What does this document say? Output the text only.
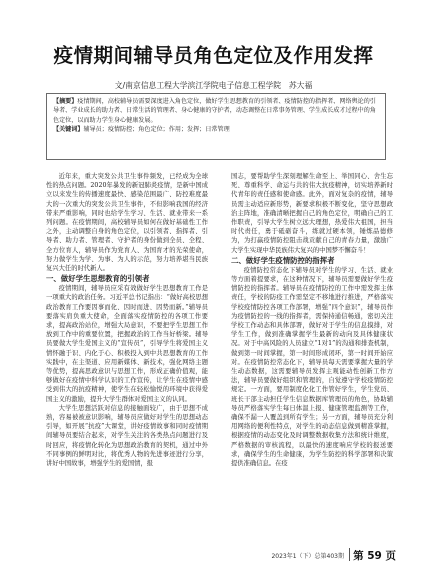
疫情期间辅导员角色定位及作用发挥
文/南京信息工程大学滨江学院电子信息工程学院　苏大福

【摘要】疫情期间，高校辅导员需要深度进入角色定位，做好学生思想教育的引领者、疫情防控的指挥者、网络舆论的引导者、学业成长的助力者、日常生活的管理者、身心健康的守护者，动态调整在日常事务管理、学生成长成才过程中的角色定位，以而助力学生身心健康发展。

【关键词】辅导员；疫情防控；角色定位；作用；发挥；日常管理

近年来，重大突发公共卫生事件频发，已经成为全球性的热点问题。2020年暴发的新冠肺炎疫情，是新中国成立以来发生的传播速度最快、感染范围最广、防控难度最大的一次重大的突发公共卫生事件，不但影响我国的经济带来严重影响，同时也给学生学习、生活、就业带来一系列问题。在疫情期间，高校辅导员如何在做好基础性工作之外，主动调整自身的角色定位，以引领者、指挥者、引导者、助力者、管理者、守护者的身份做到全员、全程、全方位育人，辅导员作为党育人、为国育才的光荣使命，努力做学生为学、为事、为人的示范，努力培养堪当民族复兴大任的时代新人。

一、做好学生思想教育的引领者

疫情期间，辅导员应采有效做好学生思想教育工作是一项重大的政治任务。习近平总书记指出：“做好高校思想政治教育工作要因事而化、因时而进、因势而新。”辅导员要落实肩负重大使命，全面落实疫情防控的各项工作要求，提高政治站位，增强大局意识，不要把学生思想工作放到工作中的重要位置，把握政治的工作当好桥梁。辅导员要做大学生爱国主义的“宣传员”，引导学生将爱国主义情怀融于识、内化于心、积极投入到中共思想教育的工作实践中，在主渠道、应用新媒体、新技术，强化网络主题等优势，提高思政意识与思想工作，形成正确价值观，能够做好在疫情中科学认识的工作宣传，让学生在疫情中感受到伟大的抗疫精神，使学生在轻松愉悦的环境中获得爱国主义的激励，提升大学生群体对爱国主义的认同。

大学生思想活跃对信息的接触面较广，由于思想不成熟，容易被被意识影响，辅导员应做好对学生的思想动态引导，如开展“抗疫”大课堂，讲好疫情故事和同时疫情期间辅导员要结合起来，对学生关注的各类热点问题进行及时回应，将疫情化转化为思想政治教育的契机，通过中外不同事例的鲜明对比，将优秀人物的先进事迹进行分享，讲好中国故事，增强学生的爱国情，报

国志，要帮助学生深刻理解生命至上、举国同心、舍生忘死、尊重科学、命运与共的伟大抗疫精神，切实培养新时代青年的责任感和使命感。此外，面对复杂的疫情，辅导员需主动适应新形势，新要求积极不断变化，坚守思想政治主阵地，准确清晰把握自己的角色定位，明确自己的工作职责，引导大学生树立远大理想，热爱伟大祖国，担当时代责任，勇于砥砺奋斗，练就过硬本领，锤炼品德修为，为打赢疫情防控阻击战贡献自己的青春力量，激励广大学生实现中华民族伟大复兴的中国梦不懈奋斗！

二、做好学生疫情防控的指挥者

疫情防控常态化下辅导员对学生的学习、生活、就业等方面着提要求，在这种情况下，辅导员需要做好学生疫情防控的指挥者。辅导员在疫情防控的工作中需发挥主体责任，学校的防疫工作需坚定不移地进行推进，严格落实学校疫情防控各项工作部署，增强“四个意识”，辅导员作为疫情防控的一线的指挥者，需保持通信畅通，密切关注学校工作动态和具体部署，做好对于学生的信息摸排，对学生工作，做到准确掌握学生最新的动向及具体健康状况。对于中高风险的人员建立“1对1”的沟通和排查机制，做到第一时间掌握，第一时间形成闭环，第一时间开始应对。在疫情防控常态化下，辅导员每天需要掌握大量的学生动态数据，这需要辅导员发挥主观能动性创新工作方法，辅导员要做好组织和管理的，自觉遵守学校疫情防控规定。一方面，要用制度化化工作管好学生，学生党员、班长干部主动担任学生信息数据库管理员的角色，协助辅导员严格落实学生每日体温上报、健康管理监测等工作，确保不漏一人覆盖到所有学生；另一方面，辅导员充分利用网络的便利性特点，对学生的动态信息做到精准掌握，根据疫情的动态变化及时调整数据收集方法和统计维度，严格数据的审核流程，以最快的速度响应学校的报送要求，确保学生的生命健康，为学生防控的科学部署和决策提供准确信息。在疫

2023年1（下）总第403期 第 59 页
